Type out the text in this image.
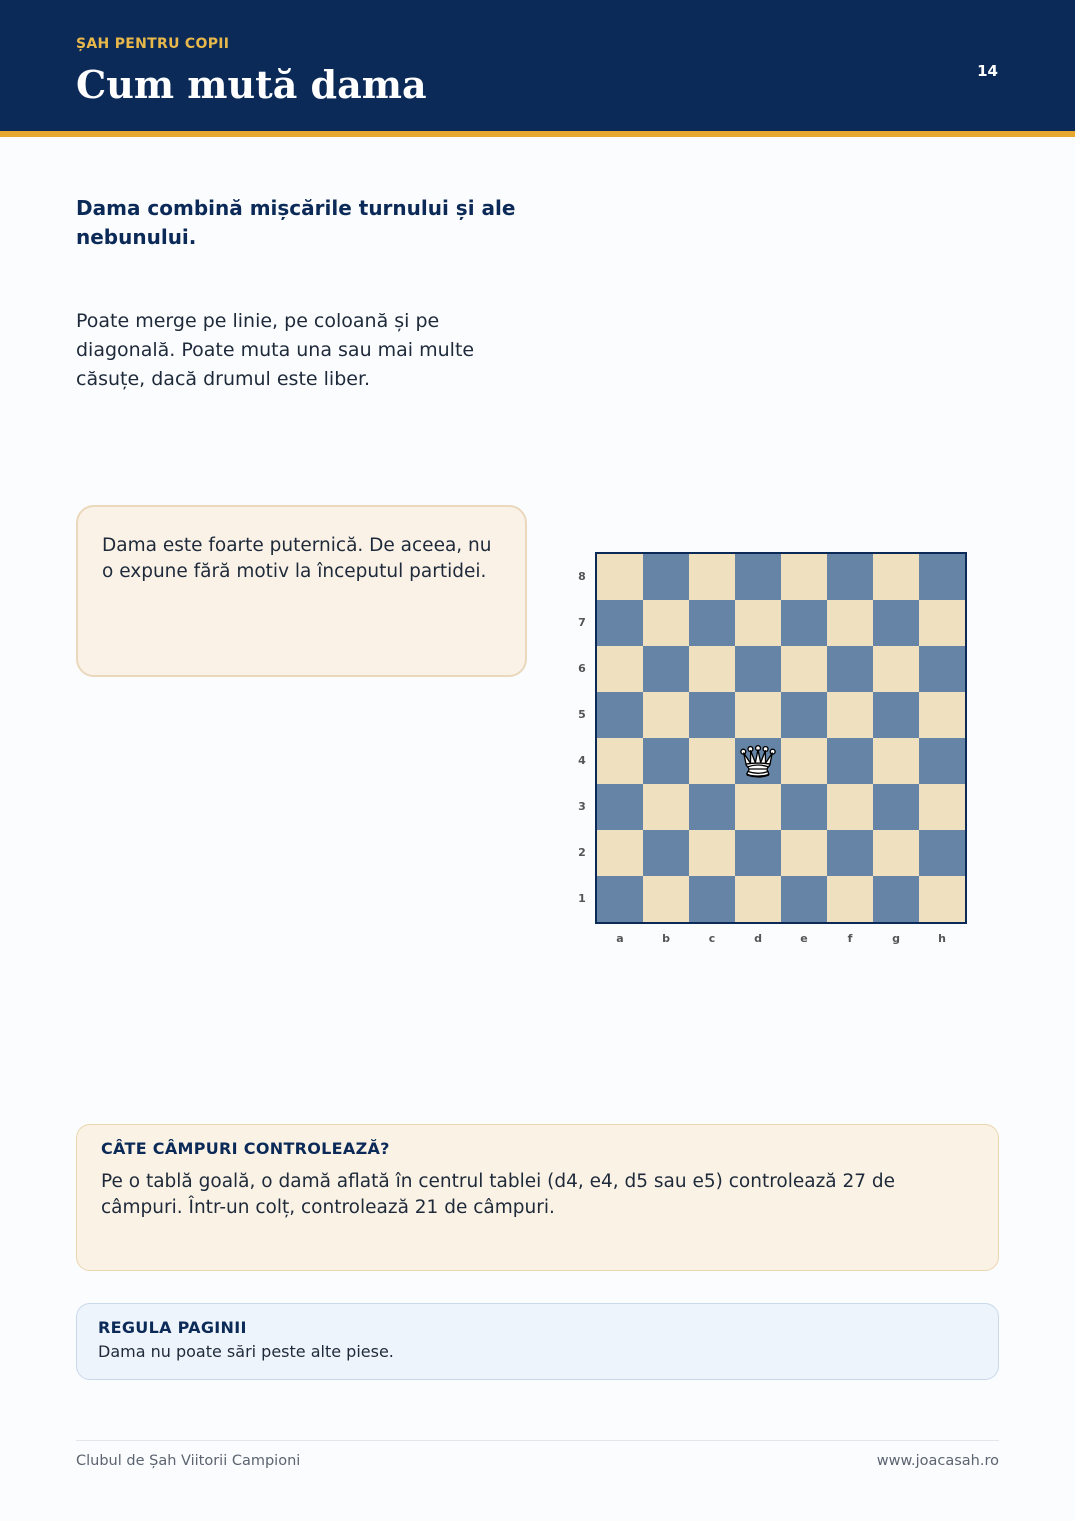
ȘAH PENTRU COPII
Cum mută dama	14

Dama combină mișcările turnului și ale nebunului.

Poate merge pe linie, pe coloană și pe diagonală. Poate muta una sau mai multe căsuțe, dacă drumul este liber.

Dama este foarte puternică. De aceea, nu o expune fără motiv la începutul partidei.	8
7
6
5
4
3
2
1
a	b	c	d	e	f	g	h
CÂTE CÂMPURI CONTROLEAZĂ?
Pe o tablă goală, o damă aflată în centrul tablei (d4, e4, d5 sau e5) controlează 27 de câmpuri. Într-un colț, controlează 21 de câmpuri.
REGULA PAGINII
Dama nu poate sări peste alte piese.
Clubul de Șah Viitorii Campioni	www.joacasah.ro
